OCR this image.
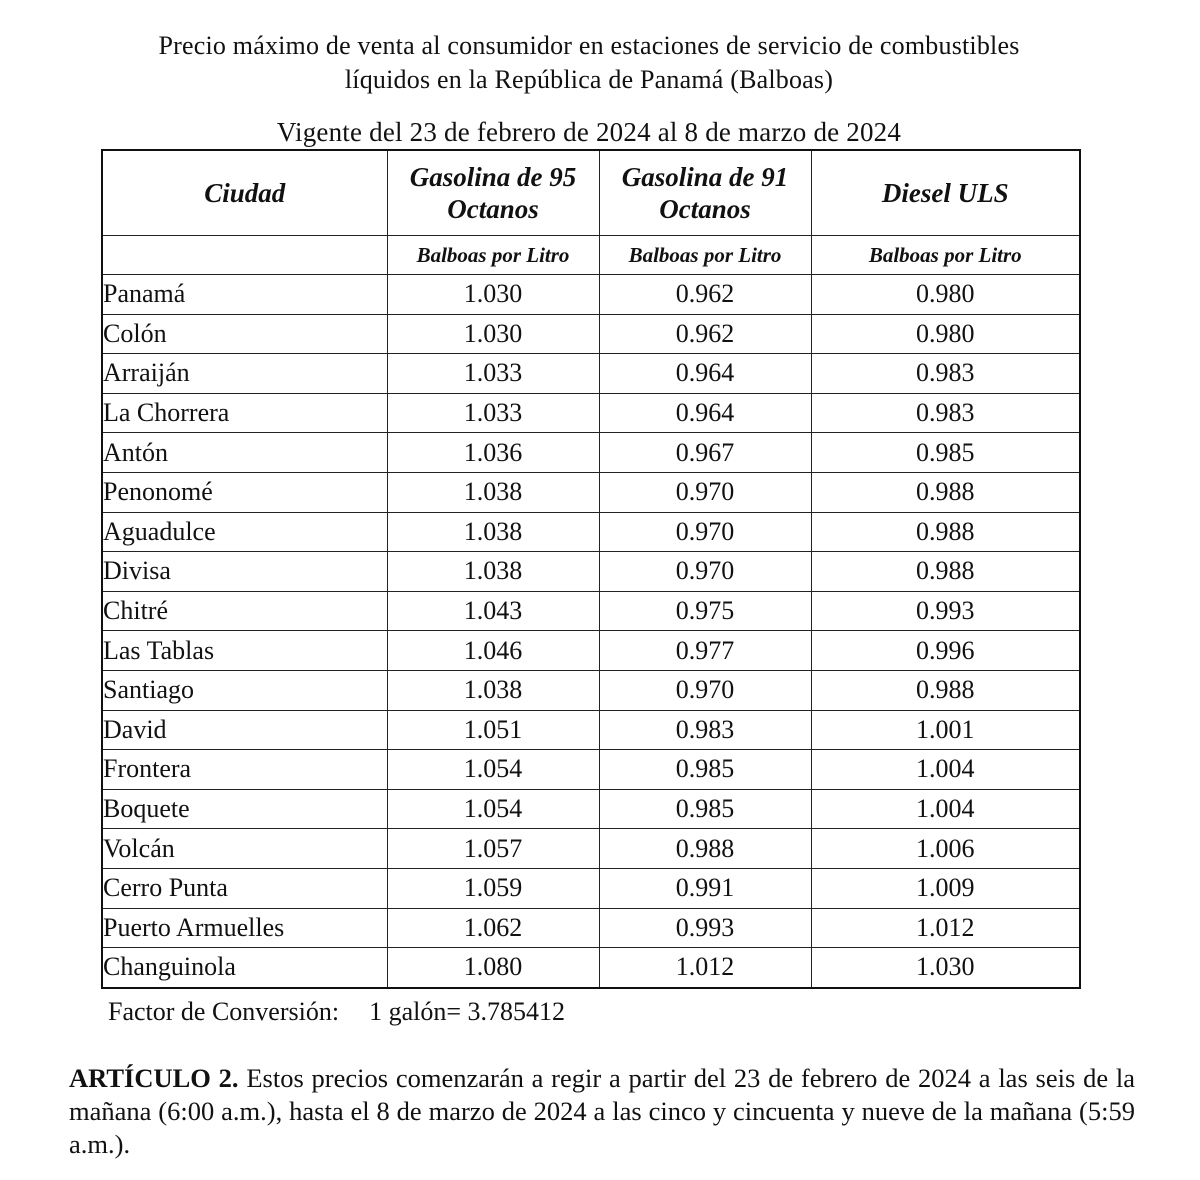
Precio máximo de venta al consumidor en estaciones de servicio de combustibles
líquidos en la República de Panamá (Balboas)
Vigente del 23 de febrero de 2024 al 8 de marzo de 2024
Ciudad	Gasolina de 95 Octanos	Gasolina de 91 Octanos	Diesel ULS
	Balboas por Litro	Balboas por Litro	Balboas por Litro
Panamá	1.030	0.962	0.980
Colón	1.030	0.962	0.980
Arraiján	1.033	0.964	0.983
La Chorrera	1.033	0.964	0.983
Antón	1.036	0.967	0.985
Penonomé	1.038	0.970	0.988
Aguadulce	1.038	0.970	0.988
Divisa	1.038	0.970	0.988
Chitré	1.043	0.975	0.993
Las Tablas	1.046	0.977	0.996
Santiago	1.038	0.970	0.988
David	1.051	0.983	1.001
Frontera	1.054	0.985	1.004
Boquete	1.054	0.985	1.004
Volcán	1.057	0.988	1.006
Cerro Punta	1.059	0.991	1.009
Puerto Armuelles	1.062	0.993	1.012
Changuinola	1.080	1.012	1.030
Factor de Conversión: 1 galón= 3.785412
ARTÍCULO 2. Estos precios comenzarán a regir a partir del 23 de febrero de 2024 a las seis de la mañana (6:00 a.m.), hasta el 8 de marzo de 2024 a las cinco y cincuenta y nueve de la mañana (5:59 a.m.).
